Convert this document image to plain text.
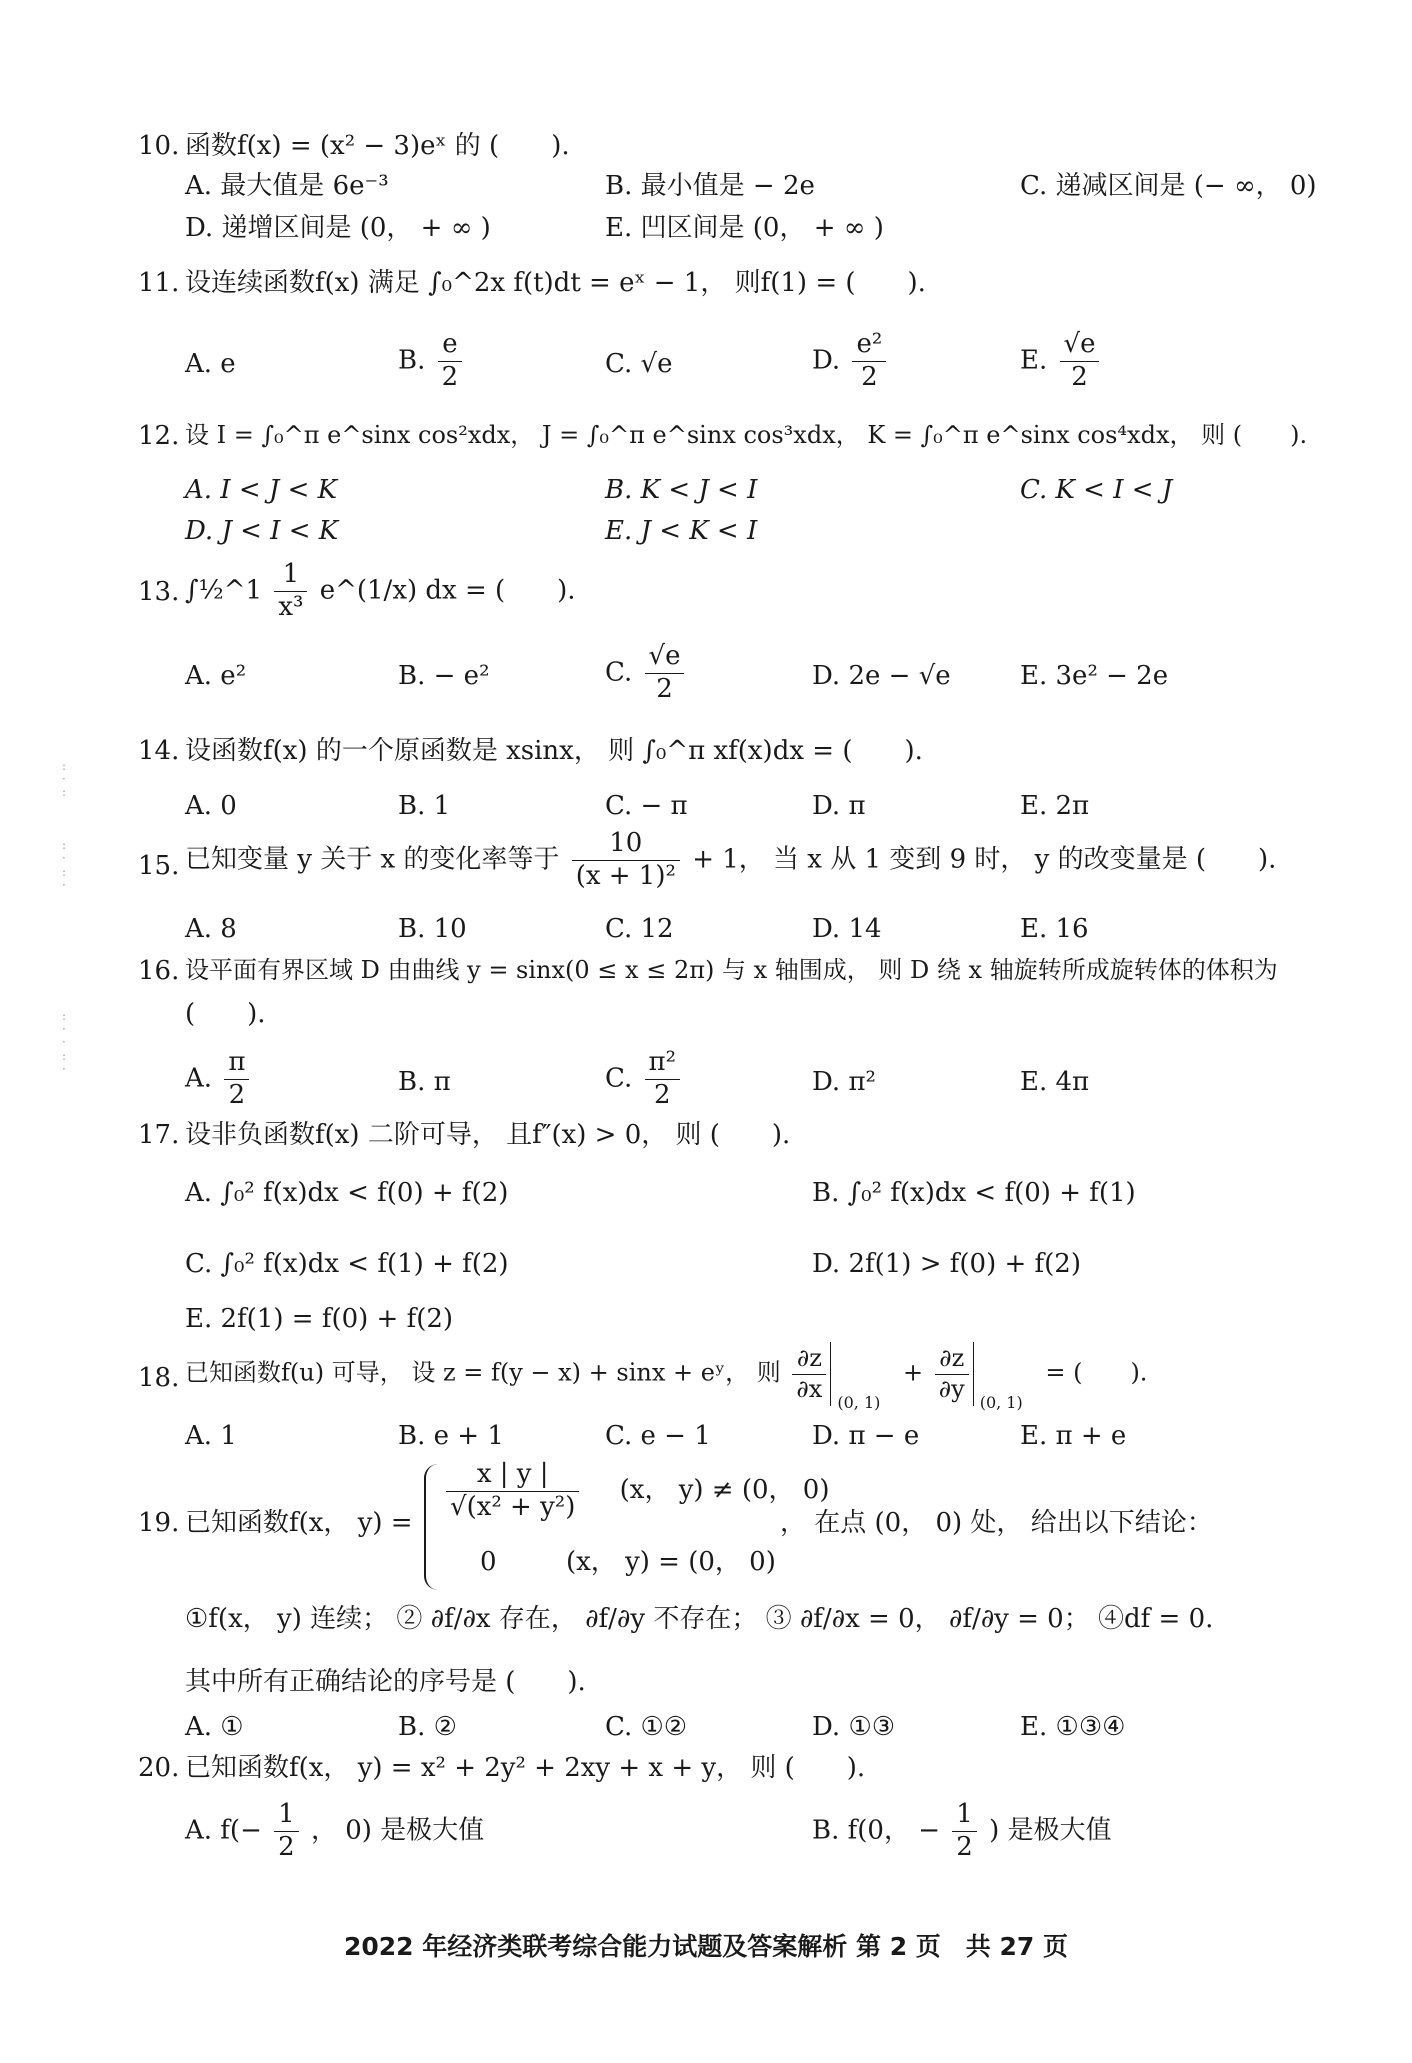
10. 函数f(x) = (x² − 3)eˣ 的 (　　).
A. 最大值是 6e⁻³	B. 最小值是 − 2e	C. 递减区间是 (− ∞， 0)
D. 递增区间是 (0， + ∞ )	E. 凹区间是 (0， + ∞ )
11. 设连续函数f(x) 满足 ∫₀^2x f(t)dt = eˣ − 1， 则f(1) = (　　).
A. e	B. $\frac{e}{2}$	C. √e	D. $\frac{\text{e²}}{2}$	E. $\frac{√e}{2}$
12. 设 I = ∫₀^π e^sinx cos²xdx， J = ∫₀^π e^sinx cos³xdx， K = ∫₀^π e^sinx cos⁴xdx， 则 (　　).
A. I < J < K	B. K < J < I	C. K < I < J
D. J < I < K	E. J < K < I
13. ∫½^1 $\frac{1}{\text{x³}}$ e^(1/x) dx = (　　).
A. e²	B. − e²	C. $\frac{√e}{2}$	D. 2e − √e	E. 3e² − 2e
14. 设函数f(x) 的一个原函数是 xsinx， 则 ∫₀^π xf(x)dx = (　　).
A. 0	B. 1	C. − π	D. π	E. 2π
15. 已知变量 y 关于 x 的变化率等于 $\frac{10}{\text{(x + 1)²}} + 1$， 当 x 从 1 变到 9 时， y 的改变量是 (　　).
A. 8	B. 10	C. 12	D. 14	E. 16
16. 设平面有界区域 D 由曲线 y = sinx(0 ≤ x ≤ 2π) 与 x 轴围成， 则 D 绕 x 轴旋转所成旋转体的体积为
(　　).
A. $\frac{\pi}{2}$	B. π	C. $\frac{\text{π²}}{2}$	D. π²	E. 4π
17. 设非负函数f(x) 二阶可导， 且f″(x) > 0， 则 (　　).
A. ∫₀² f(x)dx < f(0) + f(2)	B. ∫₀² f(x)dx < f(0) + f(1)
C. ∫₀² f(x)dx < f(1) + f(2)	D. 2f(1) > f(0) + f(2)
E. 2f(1) = f(0) + f(2)
18. 已知函数f(u) 可导， 设 z = f(y − x) + sinx + eʸ， 则 $\frac{\partial z}{\partial x} (0$, 1)
+ $\frac{\partial z}{\partial y} (0$, 1)
= (　　).
A. 1	B. e + 1	C. e − 1	D. π − e	E. π + e
19. 已知函数f(x， y) =
$\frac{x | y |}{\text{√(x² + y²)}} (x$， y) ≠ (0， 0)
0	(x， y) = (0， 0)
， 在点 (0， 0) 处， 给出以下结论：
①f(x， y) 连续； ② ∂f/∂x 存在， ∂f/∂y 不存在； ③ ∂f/∂x = 0， ∂f/∂y = 0； ④df = 0.
其中所有正确结论的序号是 (　　).
A. ①	B. ②	C. ①②	D. ①③	E. ①③④
20. 已知函数f(x， y) = x² + 2y² + 2xy + x + y， 则 (　　).
A. $f(- \frac{1}{2}$ ， 0) 是极大值	B. f(0， − $\frac{1}{2}$ ) 是极大值
2022 年经济类联考综合能力试题及答案解析 第 2 页　共 27 页
:
·
:

:
·
:
·
:
·
·
:
·
